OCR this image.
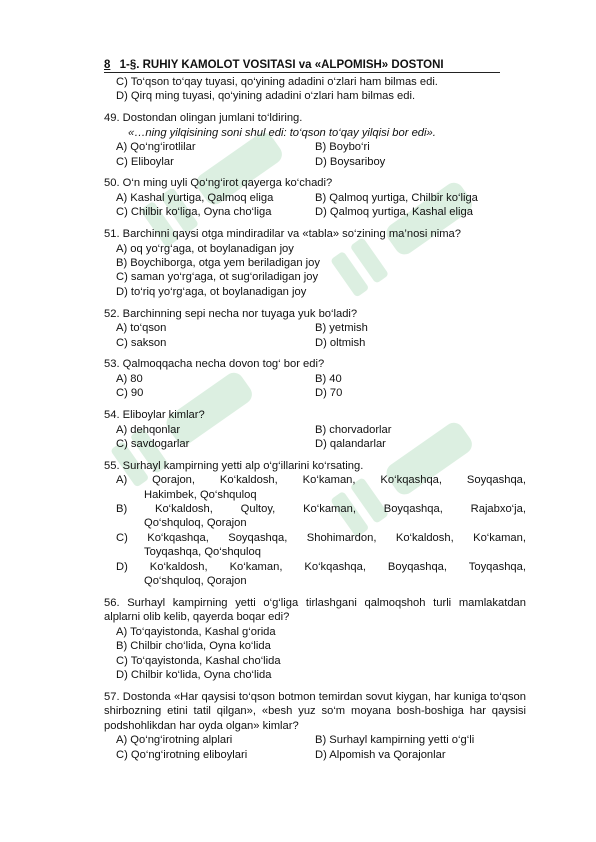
8 1-§. RUHIY KAMOLOT VOSITASI va «ALPOMISH» DOSTONI
C) To‘qson to‘qay tuyasi, qo‘yining adadini o‘zlari ham bilmas edi.
D) Qirq ming tuyasi, qo‘yining adadini o‘zlari ham bilmas edi.
49. Dostondan olingan jumlani to‘ldiring.
«…ning yilqisining soni shul edi: to‘qson to‘qay yilqisi bor edi».
A) Qo‘ng‘irotlilar	B) Boybo‘ri
C) Eliboylar	D) Boysariboy
50. O‘n ming uyli Qo‘ng‘irot qayerga ko‘chadi?
A) Kashal yurtiga, Qalmoq eliga	B) Qalmoq yurtiga, Chilbir ko‘liga
C) Chilbir ko‘liga, Oyna cho‘liga	D) Qalmoq yurtiga, Kashal eliga
51. Barchinni qaysi otga mindiradilar va «tabla» so‘zining ma’nosi nima?
A) oq yo‘rg‘aga, ot boylanadigan joy
B) Boychiborga, otga yem beriladigan joy
C) saman yo‘rg‘aga, ot sug‘oriladigan joy
D) to‘riq yo‘rg‘aga, ot boylanadigan joy
52. Barchinning sepi necha nor tuyaga yuk bo‘ladi?
A) to‘qson	B) yetmish
C) sakson	D) oltmish
53. Qalmoqqacha necha dovon tog‘ bor edi?
A) 80	B) 40
C) 90	D) 70
54. Eliboylar kimlar?
A) dehqonlar	B) chorvadorlar
C) savdogarlar	D) qalandarlar
55. Surhayl kampirning yetti alp o‘g‘illarini ko‘rsating.
A) Qorajon, Ko‘kaldosh, Ko‘kaman, Ko‘kqashqa, Soyqashqa,
Hakimbek, Qo‘shquloq
B) Ko‘kaldosh, Qultoy, Ko‘kaman, Boyqashqa, Rajabxo‘ja,
Qo‘shquloq, Qorajon
C) Ko‘kqashqa, Soyqashqa, Shohimardon, Ko‘kaldosh, Ko‘kaman,
Toyqashqa, Qo‘shquloq
D) Ko‘kaldosh, Ko‘kaman, Ko‘kqashqa, Boyqashqa, Toyqashqa,
Qo‘shquloq, Qorajon
56. Surhayl kampirning yetti o‘g‘liga tirlashgani qalmoqshoh turli mamlakatdan alplarni olib kelib, qayerda boqar edi?
A) To‘qayistonda, Kashal g‘orida
B) Chilbir cho‘lida, Oyna ko‘lida
C) To‘qayistonda, Kashal cho‘lida
D) Chilbir ko‘lida, Oyna cho‘lida
57. Dostonda «Har qaysisi to‘qson botmon temirdan sovut kiygan, har kuniga to‘qson shirbozning etini tatil qilgan», «besh yuz so‘m moyana bosh-boshiga har qaysisi podshohlikdan har oyda olgan» kimlar?
A) Qo‘ng‘irotning alplari	B) Surhayl kampirning yetti o‘g‘li
C) Qo‘ng‘irotning eliboylari	D) Alpomish va Qorajonlar
